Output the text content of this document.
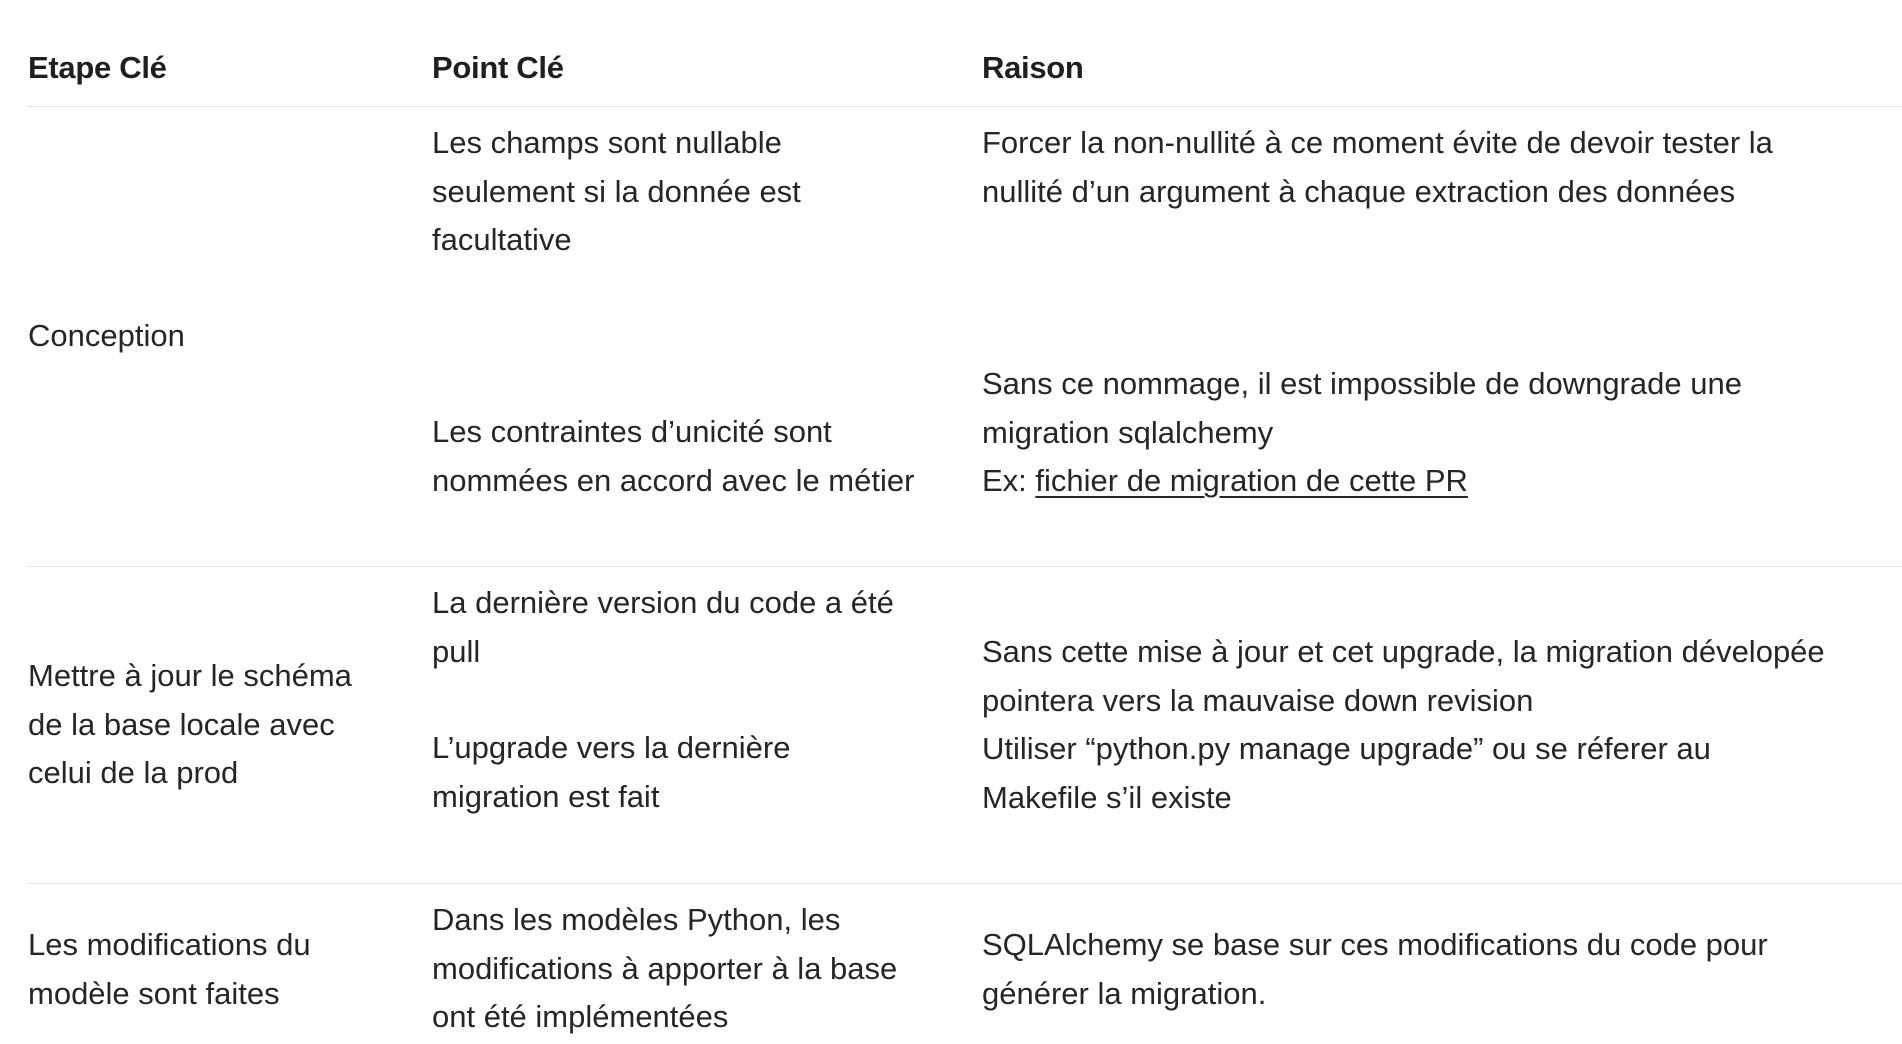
Etape Clé	Point Clé	Raison
Conception
Les champs sont nullable
seulement si la donnée est
facultative
Forcer la non-nullité à ce moment évite de devoir tester la
nullité d’un argument à chaque extraction des données
Les contraintes d’unicité sont
nommées en accord avec le métier
Sans ce nommage, il est impossible de downgrade une
migration sqlalchemy
Ex: fichier de migration de cette PR
Mettre à jour le schéma
de la base locale avec
celui de la prod
La dernière version du code a été
pull
L’upgrade vers la dernière
migration est fait
Sans cette mise à jour et cet upgrade, la migration dévelopée
pointera vers la mauvaise down revision
Utiliser “python.py manage upgrade” ou se réferer au
Makefile s’il existe
Les modifications du
modèle sont faites
Dans les modèles Python, les
modifications à apporter à la base
ont été implémentées
SQLAlchemy se base sur ces modifications du code pour
générer la migration.
